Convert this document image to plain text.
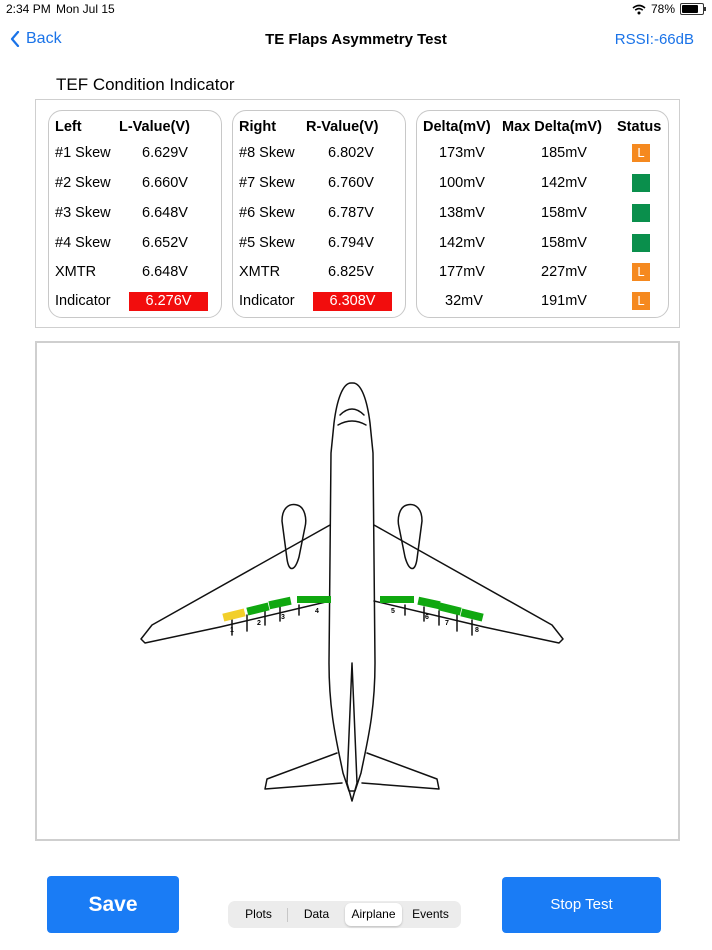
2:34 PM Mon Jul 15	78%
Back	TE Flaps Asymmetry Test	RSSI:-66dB
TEF Condition Indicator
Left	L-Value(V)
#1 Skew 6.629V
#2 Skew 6.660V
#3 Skew 6.648V
#4 Skew 6.652V
XMTR	6.648V
Indicator	6.276V
Right R-Value(V)
#8 Skew 6.802V
#7 Skew 6.760V
#6 Skew 6.787V
#5 Skew 6.794V
XMTR	6.825V
Indicator	6.308V
Delta(mV) Max Delta(mV) Status
173mV	185mV	L
100mV	142mV
138mV	158mV
142mV	158mV
177mV	227mV	L
32mV	191mV	L
1
2
3
4	5
6
7
8
Save	Plots	Data	Airplane	Events
Stop Test
